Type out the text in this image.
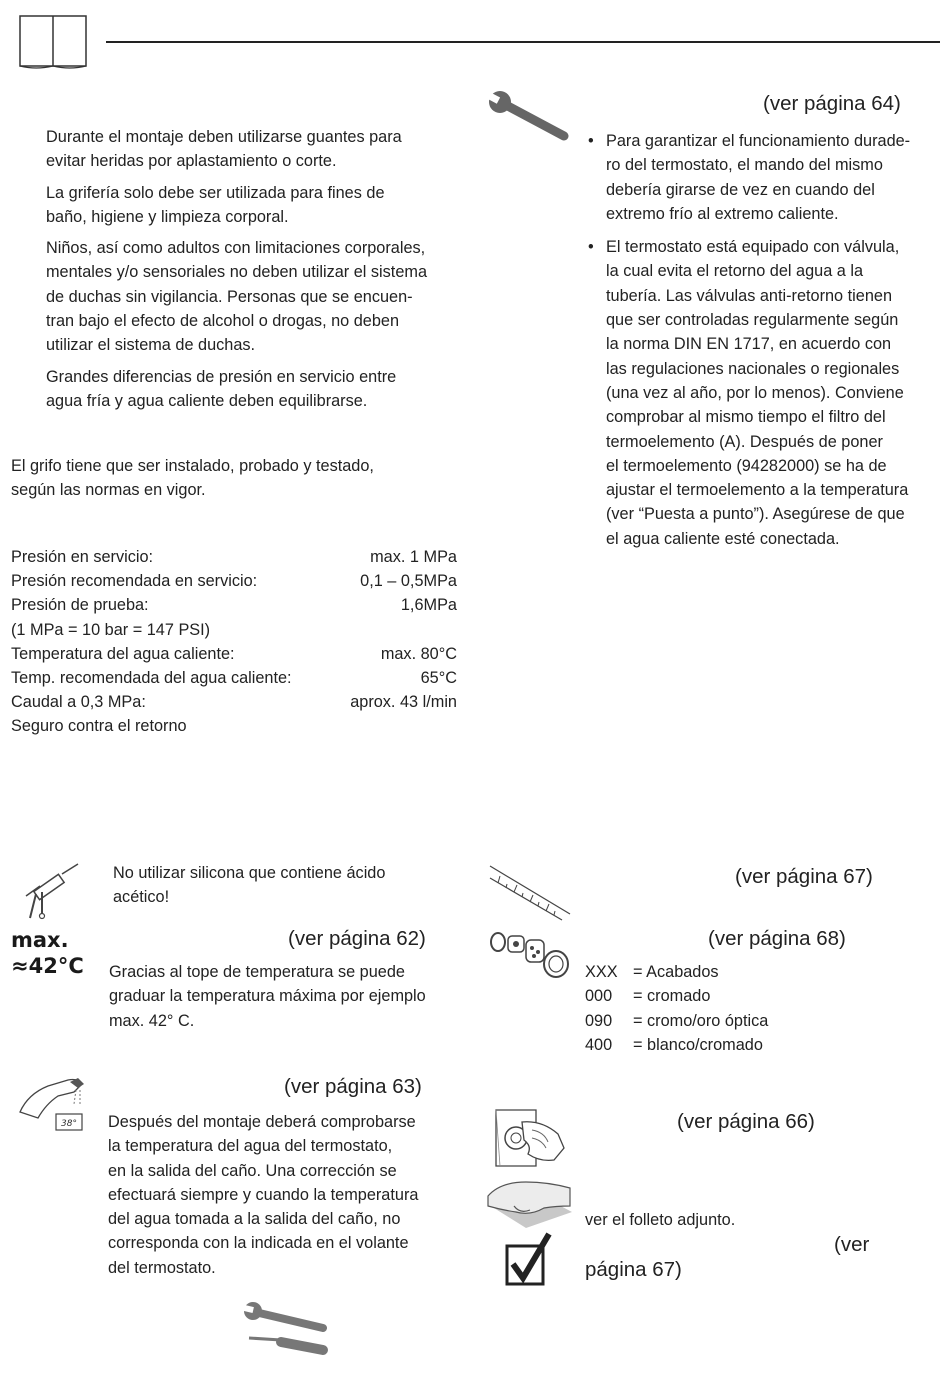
Durante el montaje deben utilizarse guantes para
evitar heridas por aplastamiento o corte.

La grifería solo debe ser utilizada para fines de
baño, higiene y limpieza corporal.

Niños, así como adultos con limitaciones corporales,
mentales y/o sensoriales no deben utilizar el sistema
de duchas sin vigilancia. Personas que se encuen-
tran bajo el efecto de alcohol o drogas, no deben
utilizar el sistema de duchas.

Grandes diferencias de presión en servicio entre
agua fría y agua caliente deben equilibrarse.

El grifo tiene que ser instalado, probado y testado,
según las normas en vigor.

Presión en servicio:	max. 1 MPa
Presión recomendada en servicio:	0,1 – 0,5MPa
Presión de prueba:	1,6MPa
(1 MPa = 10 bar = 147 PSI)	
Temperatura del agua caliente:	max. 80°C
Temp. recomendada del agua caliente:	65°C
Caudal a 0,3 MPa:	aprox. 43 l/min
Seguro contra el retorno	
(ver página 64)
• Para garantizar el funcionamiento durade-
ro del termostato, el mando del mismo
debería girarse de vez en cuando del
extremo frío al extremo caliente.
• El termostato está equipado con válvula,
la cual evita el retorno del agua a la
tubería. Las válvulas anti-retorno tienen
que ser controladas regularmente según
la norma DIN EN 1717, en acuerdo con
las regulaciones nacionales o regionales
(una vez al año, por lo menos). Conviene
comprobar al mismo tiempo el filtro del
termoelemento (A). Después de poner
el termoelemento (94282000) se ha de
ajustar el termoelemento a la temperatura
(ver “Puesta a punto”). Asegúrese de que
el agua caliente esté conectada.

No utilizar silicona que contiene ácido
acético!

max.
≈42°C
(ver página 62)

Gracias al tope de temperatura se puede
graduar la temperatura máxima por ejemplo
max. 42° C.

38°
(ver página 63)

Después del montaje deberá comprobarse
la temperatura del agua del termostato,
en la salida del caño. Una corrección se
efectuará siempre y cuando la temperatura
del agua tomada a la salida del caño, no
corresponda con la indicada en el volante
del termostato.

(ver página 67)
(ver página 68)
XXX	= Acabados
000	= cromado
090	= cromo/oro óptica
400	= blanco/cromado
(ver página 66)
ver el folleto adjunto.
(ver
página 67)
